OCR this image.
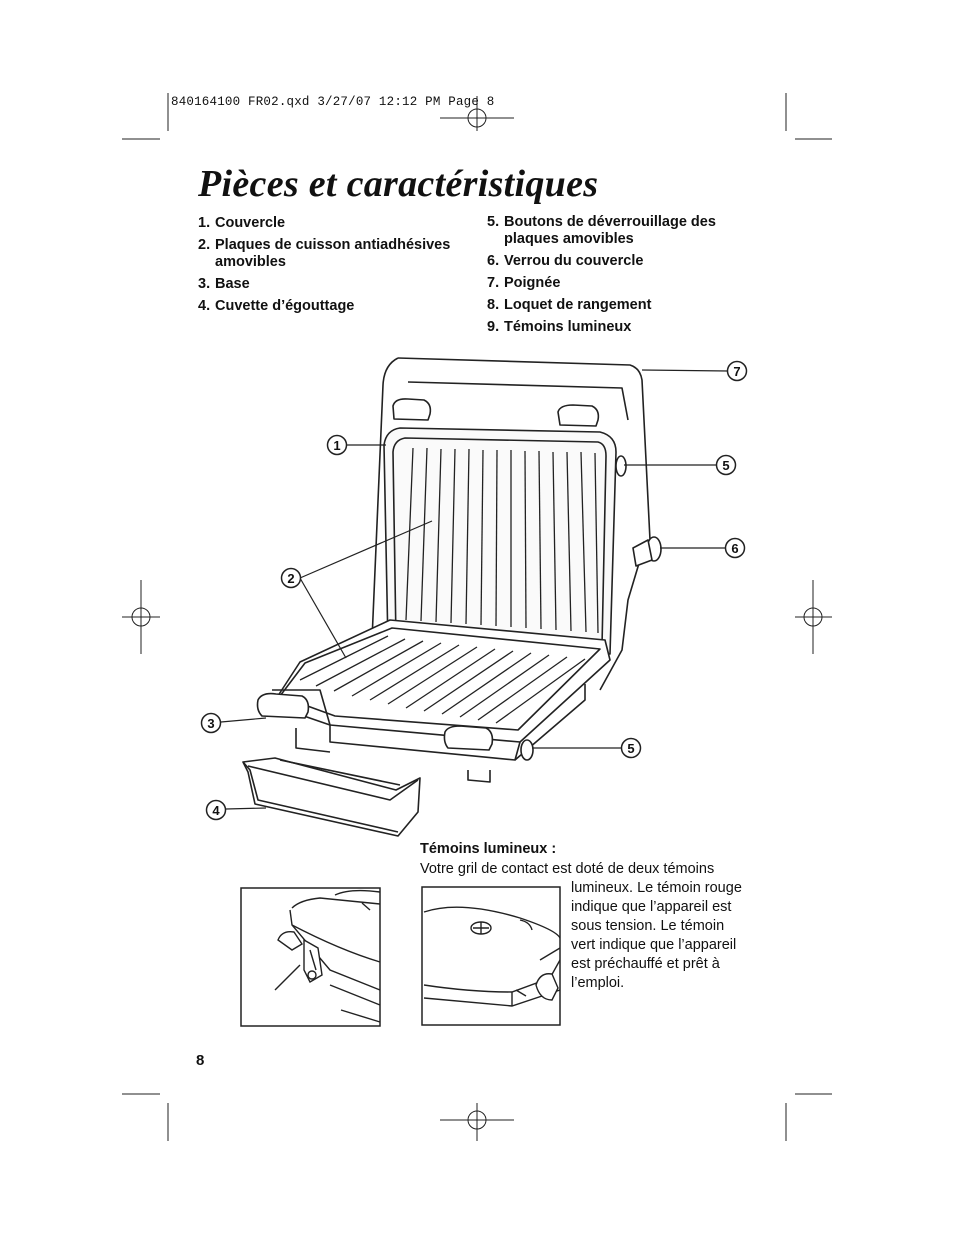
7
1
5
6
2
3
5
4
840164100 FR02.qxd 3/27/07 12:12 PM Page 8
Pièces et caractéristiques
1. Couvercle
2. Plaques de cuisson antiadhésives
amovibles
3. Base
4. Cuvette d’égouttage
5. Boutons de déverrouillage des
plaques amovibles
6. Verrou du couvercle
7. Poignée
8. Loquet de rangement
9. Témoins lumineux
Témoins lumineux :
Votre gril de contact est doté de deux témoins
lumineux. Le témoin rouge
indique que l’appareil est
sous tension. Le témoin
vert indique que l’appareil
est préchauffé et prêt à
l’emploi.
8
